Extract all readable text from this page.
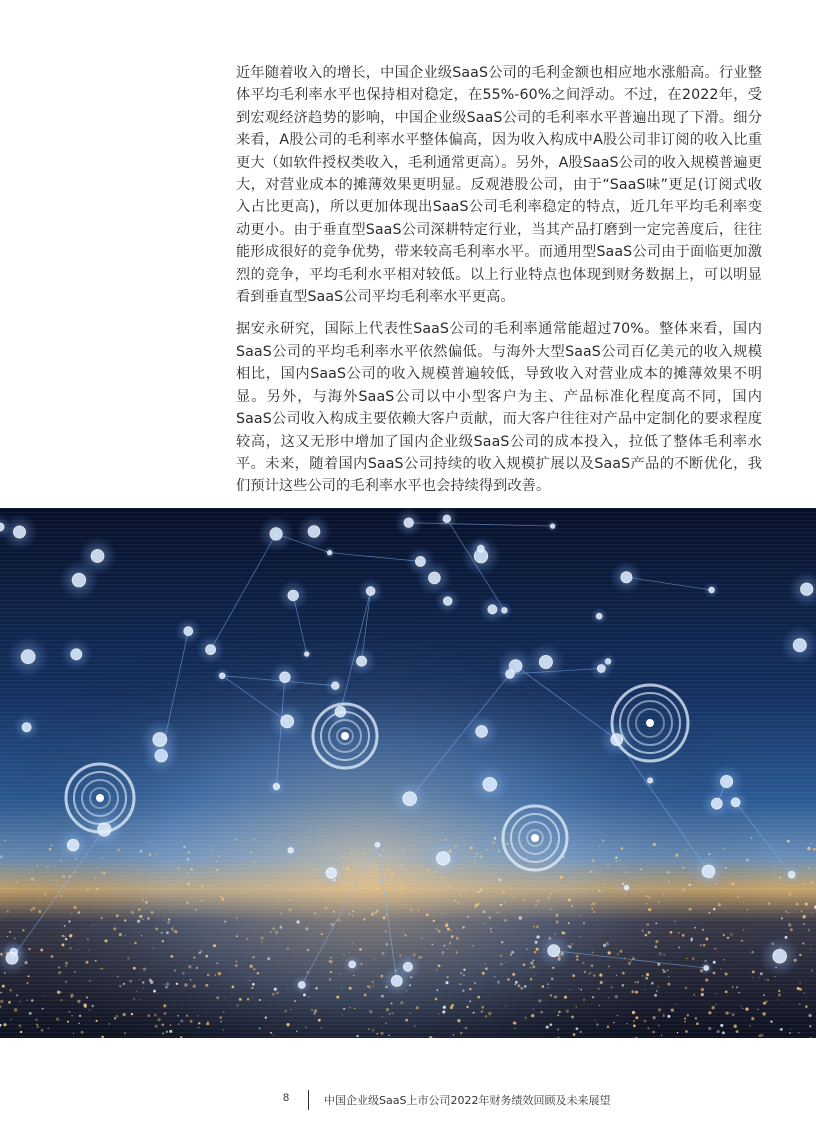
近年随着收入的增长，中国企业级SaaS公司的毛利金额也相应地水涨船高。行业整体平均毛利率水平也保持相对稳定，在55%-60%之间浮动。不过，在2022年，受到宏观经济趋势的影响，中国企业级SaaS公司的毛利率水平普遍出现了下滑。细分来看，A股公司的毛利率水平整体偏高，因为收入构成中A股公司非订阅的收入比重更大（如软件授权类收入，毛利通常更高）。另外，A股SaaS公司的收入规模普遍更大，对营业成本的摊薄效果更明显。反观港股公司，由于“SaaS味”更足(订阅式收入占比更高)，所以更加体现出SaaS公司毛利率稳定的特点，近几年平均毛利率变动更小。由于垂直型SaaS公司深耕特定行业，当其产品打磨到一定完善度后，往往能形成很好的竞争优势，带来较高毛利率水平。而通用型SaaS公司由于面临更加激烈的竞争，平均毛利水平相对较低。以上行业特点也体现到财务数据上，可以明显看到垂直型SaaS公司平均毛利率水平更高。

据安永研究，国际上代表性SaaS公司的毛利率通常能超过70%。整体来看，国内SaaS公司的平均毛利率水平依然偏低。与海外大型SaaS公司百亿美元的收入规模相比，国内SaaS公司的收入规模普遍较低，导致收入对营业成本的摊薄效果不明显。另外，与海外SaaS公司以中小型客户为主、产品标准化程度高不同，国内SaaS公司收入构成主要依赖大客户贡献，而大客户往往对产品中定制化的要求程度较高，这又无形中增加了国内企业级SaaS公司的成本投入，拉低了整体毛利率水平。未来，随着国内SaaS公司持续的收入规模扩展以及SaaS产品的不断优化，我们预计这些公司的毛利率水平也会持续得到改善。

8	中国企业级SaaS上市公司2022年财务绩效回顾及未来展望
